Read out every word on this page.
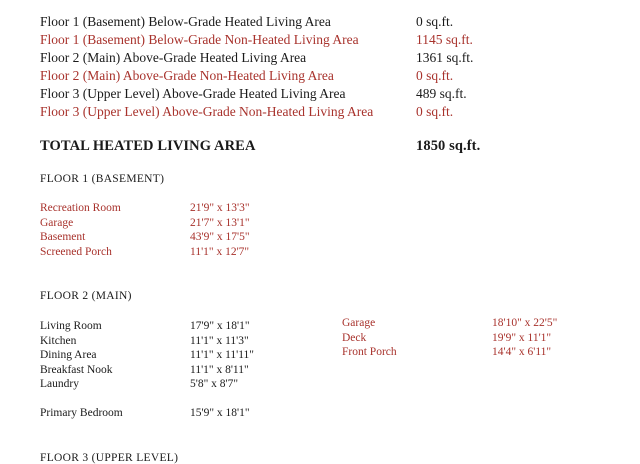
Floor 1 (Basement) Below-Grade Heated Living Area	0 sq.ft.
Floor 1 (Basement) Below-Grade Non-Heated Living Area	1145 sq.ft.
Floor 2 (Main) Above-Grade Heated Living Area	1361 sq.ft.
Floor 2 (Main) Above-Grade Non-Heated Living Area	0 sq.ft.
Floor 3 (Upper Level) Above-Grade Heated Living Area	489 sq.ft.
Floor 3 (Upper Level) Above-Grade Non-Heated Living Area	0 sq.ft.
TOTAL HEATED LIVING AREA	1850 sq.ft.
FLOOR 1 (BASEMENT)
Recreation Room	21'9" x 13'3"
Garage	21'7" x 13'1"
Basement	43'9" x 17'5"
Screened Porch	11'1" x 12'7"
FLOOR 2 (MAIN)
Living Room	17'9" x 18'1"
Kitchen	11'1" x 11'3"
Dining Area	11'1" x 11'11"
Breakfast Nook	11'1" x 8'11"
Laundry	5'8" x 8'7"
Garage	18'10" x 22'5"
Deck	19'9" x 11'1"
Front Porch	14'4" x 6'11"
Primary Bedroom	15'9" x 18'1"
FLOOR 3 (UPPER LEVEL)
